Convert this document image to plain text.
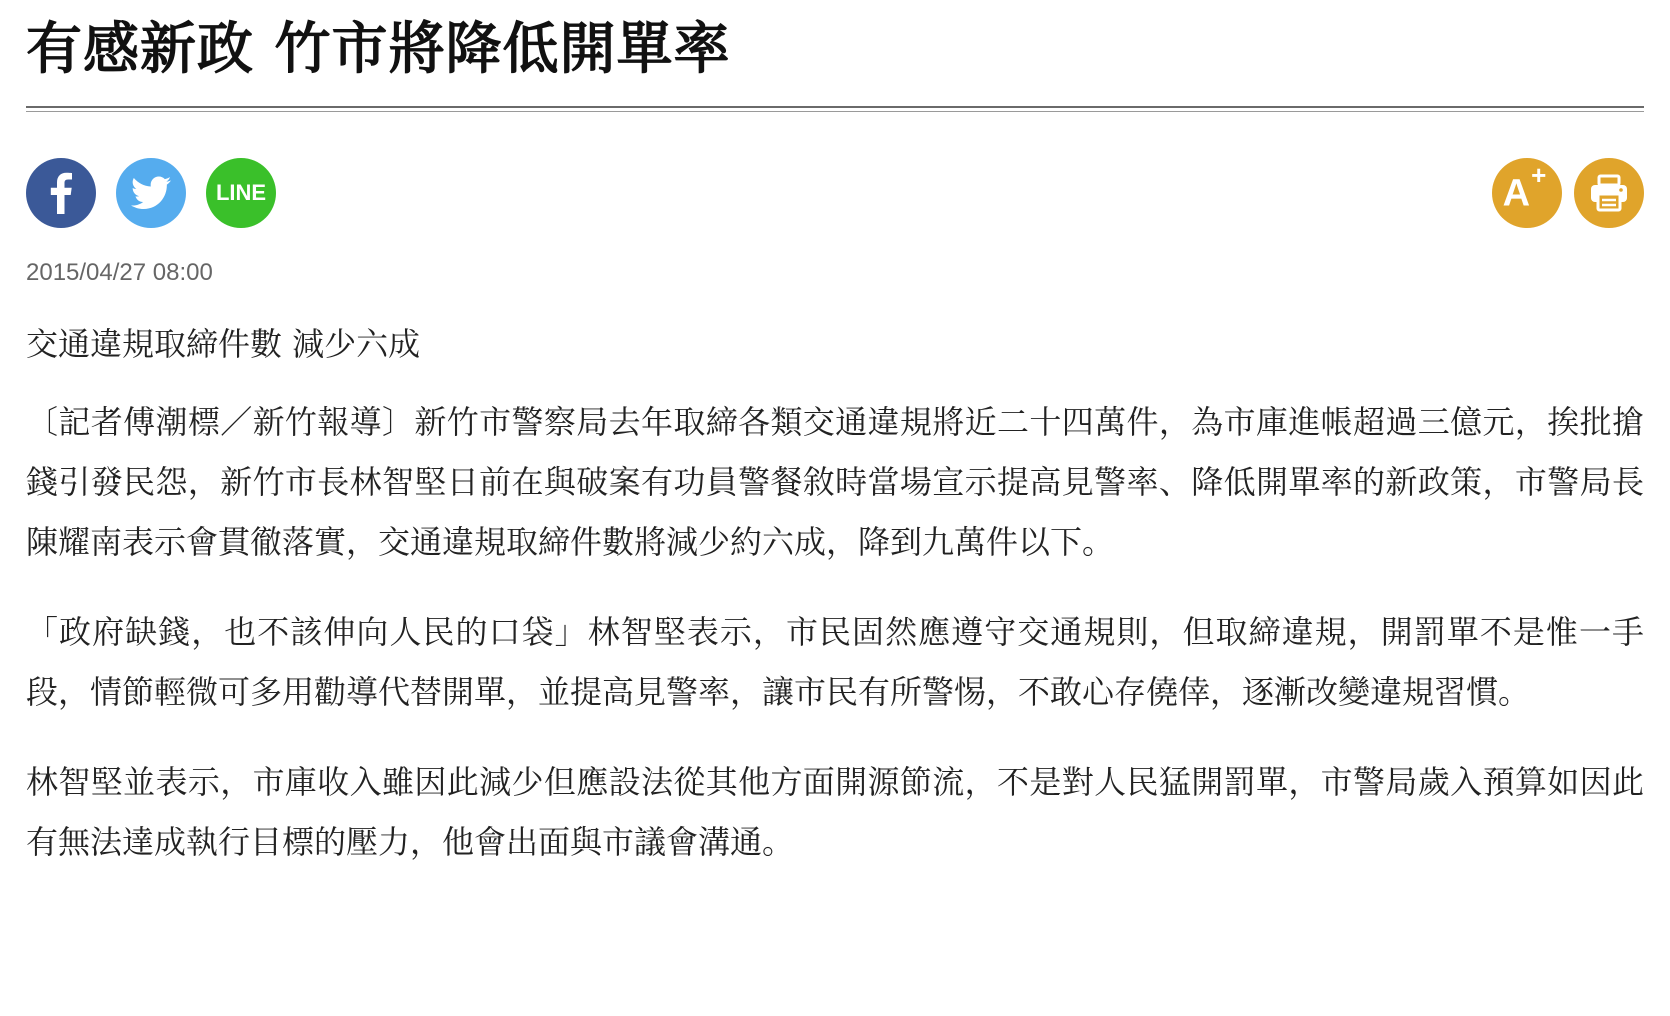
有感新政 竹市將降低開單率
LINE	A+
2015/04/27 08:00
交通違規取締件數 減少六成

〔記者傅潮標／新竹報導〕新竹市警察局去年取締各類交通違規將近二十四萬件，為市庫進帳超過三億元，挨批搶錢引發民怨，新竹市長林智堅日前在與破案有功員警餐敘時當場宣示提高見警率、降低開單率的新政策，市警局長陳耀南表示會貫徹落實，交通違規取締件數將減少約六成，降到九萬件以下。

「政府缺錢，也不該伸向人民的口袋」林智堅表示，市民固然應遵守交通規則，但取締違規，開罰單不是惟一手段，情節輕微可多用勸導代替開單，並提高見警率，讓市民有所警惕，不敢心存僥倖，逐漸改變違規習慣。

林智堅並表示，市庫收入雖因此減少但應設法從其他方面開源節流，不是對人民猛開罰單，市警局歲入預算如因此有無法達成執行目標的壓力，他會出面與市議會溝通。
